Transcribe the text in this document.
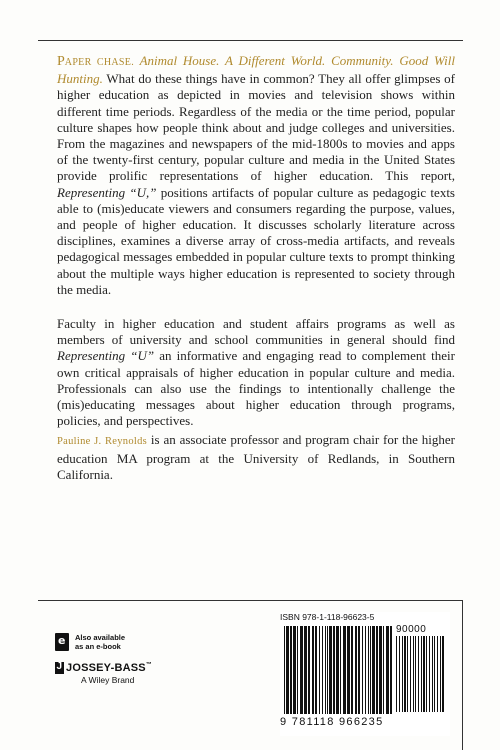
PAPER CHASE. Animal House. A Different World. Community. Good Will Hunting. What do these things have in common? They all offer glimpses of higher education as depicted in movies and television shows within different time periods. Regardless of the media or the time period, popular culture shapes how people think about and judge colleges and universities. From the magazines and newspapers of the mid-1800s to movies and apps of the twenty-first century, popular culture and media in the United States provide prolific representations of higher education. This report, Representing “U,” positions artifacts of popular culture as pedagogic texts able to (mis)educate viewers and consumers regarding the purpose, values, and people of higher education. It discusses scholarly literature across disciplines, examines a diverse array of cross-media artifacts, and reveals pedagogical messages embedded in popular culture texts to prompt thinking about the multiple ways higher education is represented to society through the media.

Faculty in higher education and student affairs programs as well as members of university and school communities in general should find Representing “U” an informative and engaging read to complement their own critical appraisals of higher education in popular culture and media. Professionals can also use the findings to intentionally challenge the (mis)educating messages about higher education through programs, policies, and perspectives.

Pauline J. Reynolds is an associate professor and program chair for the higher education MA program at the University of Redlands, in Southern California.

e
Also available
as an e-book
J
JOSSEY-BASS™
A Wiley Brand
ISBN 978-1-118-96623-5
90000
9 781118 966235
